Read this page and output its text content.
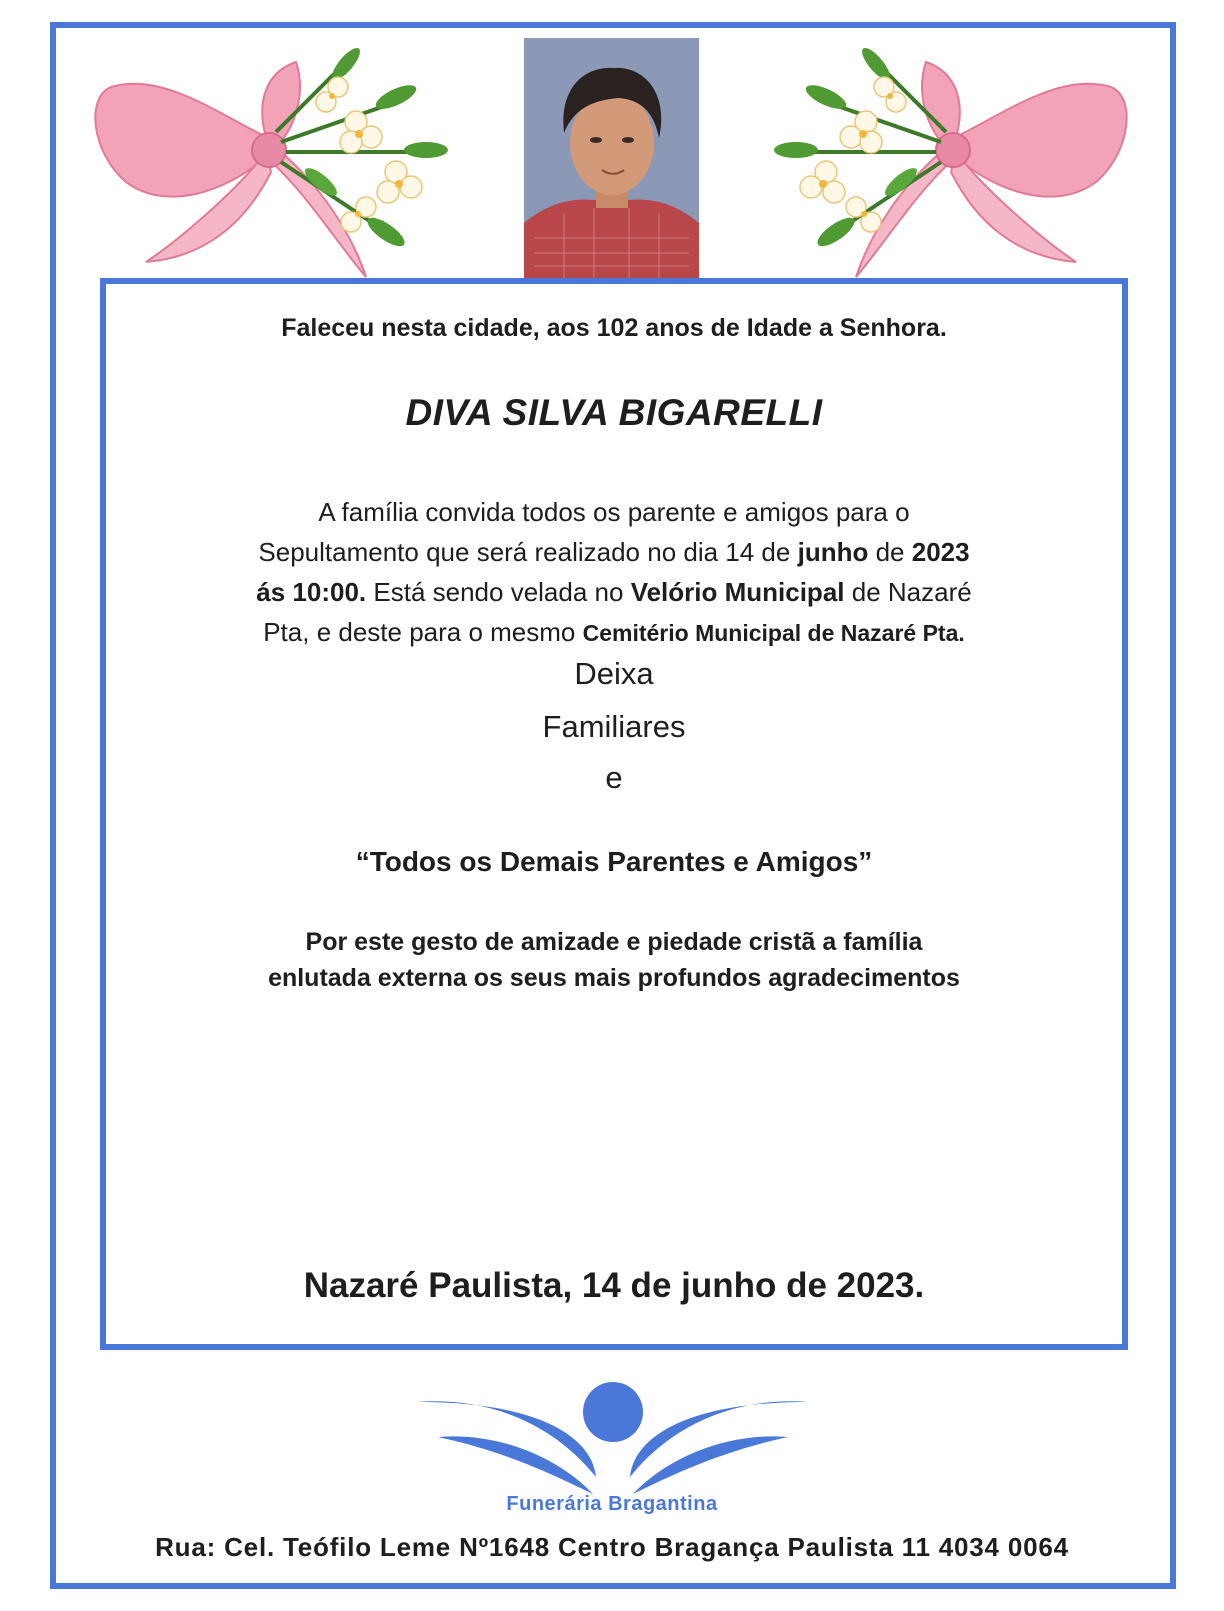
Faleceu nesta cidade, aos 102 anos de Idade a Senhora.
DIVA SILVA BIGARELLI
A família convida todos os parente e amigos para o
Sepultamento que será realizado no dia 14 de junho de 2023
ás 10:00. Está sendo velada no Velório Municipal de Nazaré
Pta, e deste para o mesmo Cemitério Municipal de Nazaré Pta.
Deixa
Familiares
e
“Todos os Demais Parentes e Amigos”
Por este gesto de amizade e piedade cristã a família
enlutada externa os seus mais profundos agradecimentos
Nazaré Paulista, 14 de junho de 2023.
Funerária Bragantina
Rua: Cel. Teófilo Leme Nº1648 Centro Bragança Paulista 11 4034 0064
